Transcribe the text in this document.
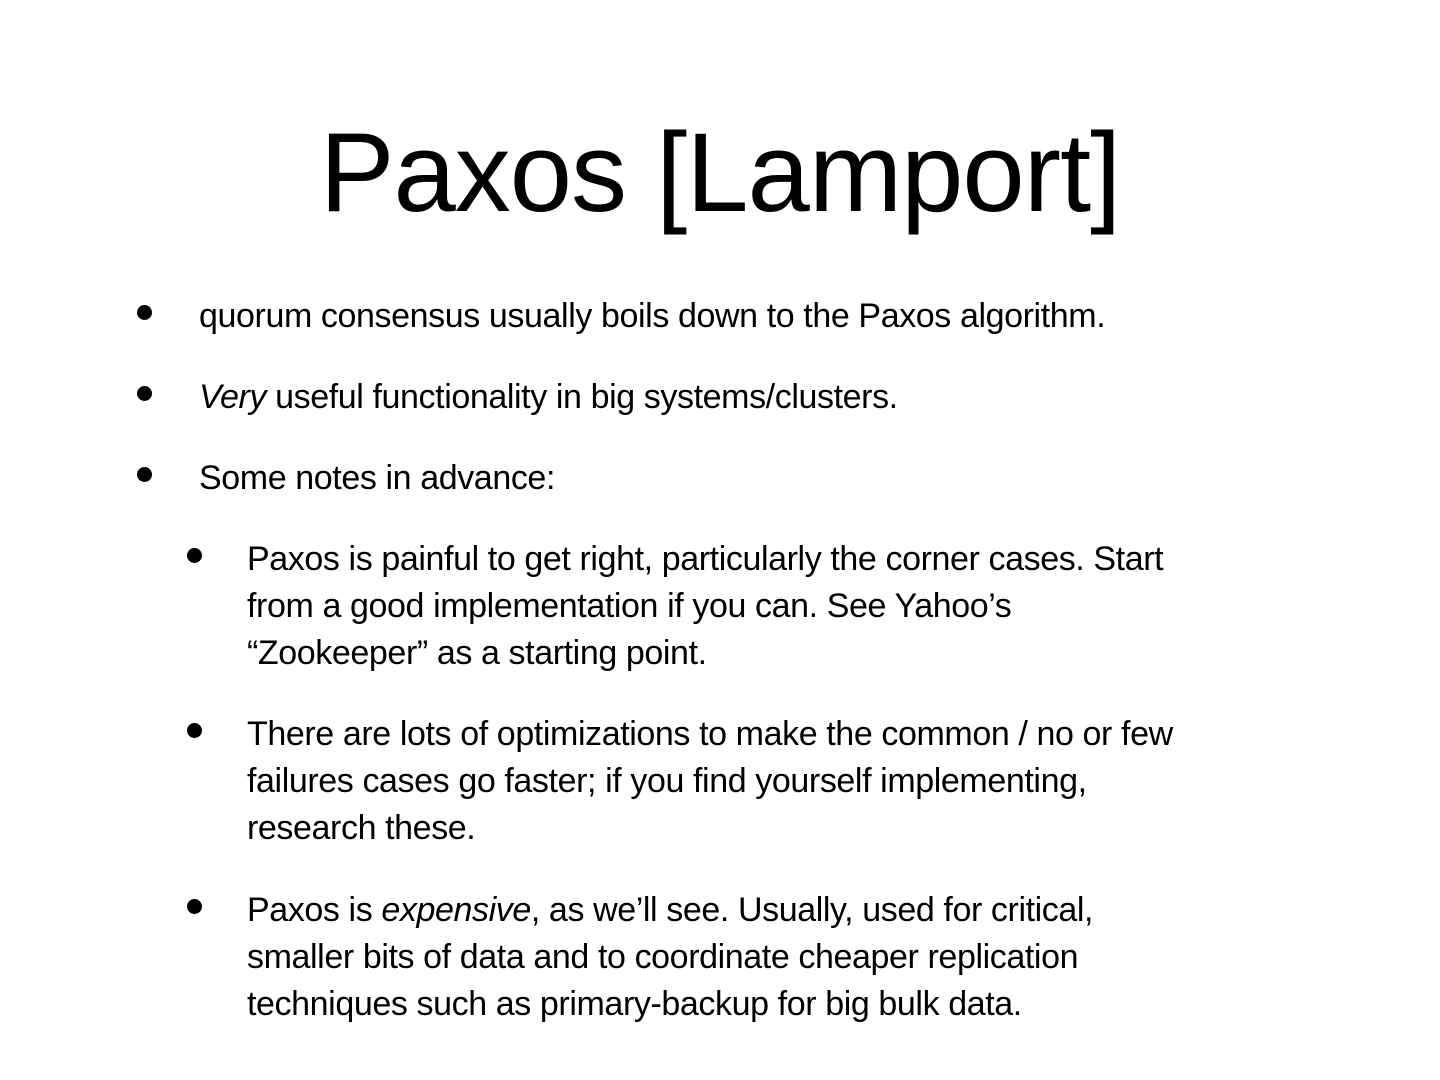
Paxos [Lamport]
quorum consensus usually boils down to the Paxos algorithm.
Very useful functionality in big systems/clusters.
Some notes in advance:
Paxos is painful to get right, particularly the corner cases. Start
from a good implementation if you can. See Yahoo’s
“Zookeeper” as a starting point.
There are lots of optimizations to make the common / no or few
failures cases go faster; if you find yourself implementing,
research these.
Paxos is expensive, as we’ll see. Usually, used for critical,
smaller bits of data and to coordinate cheaper replication
techniques such as primary-backup for big bulk data.
